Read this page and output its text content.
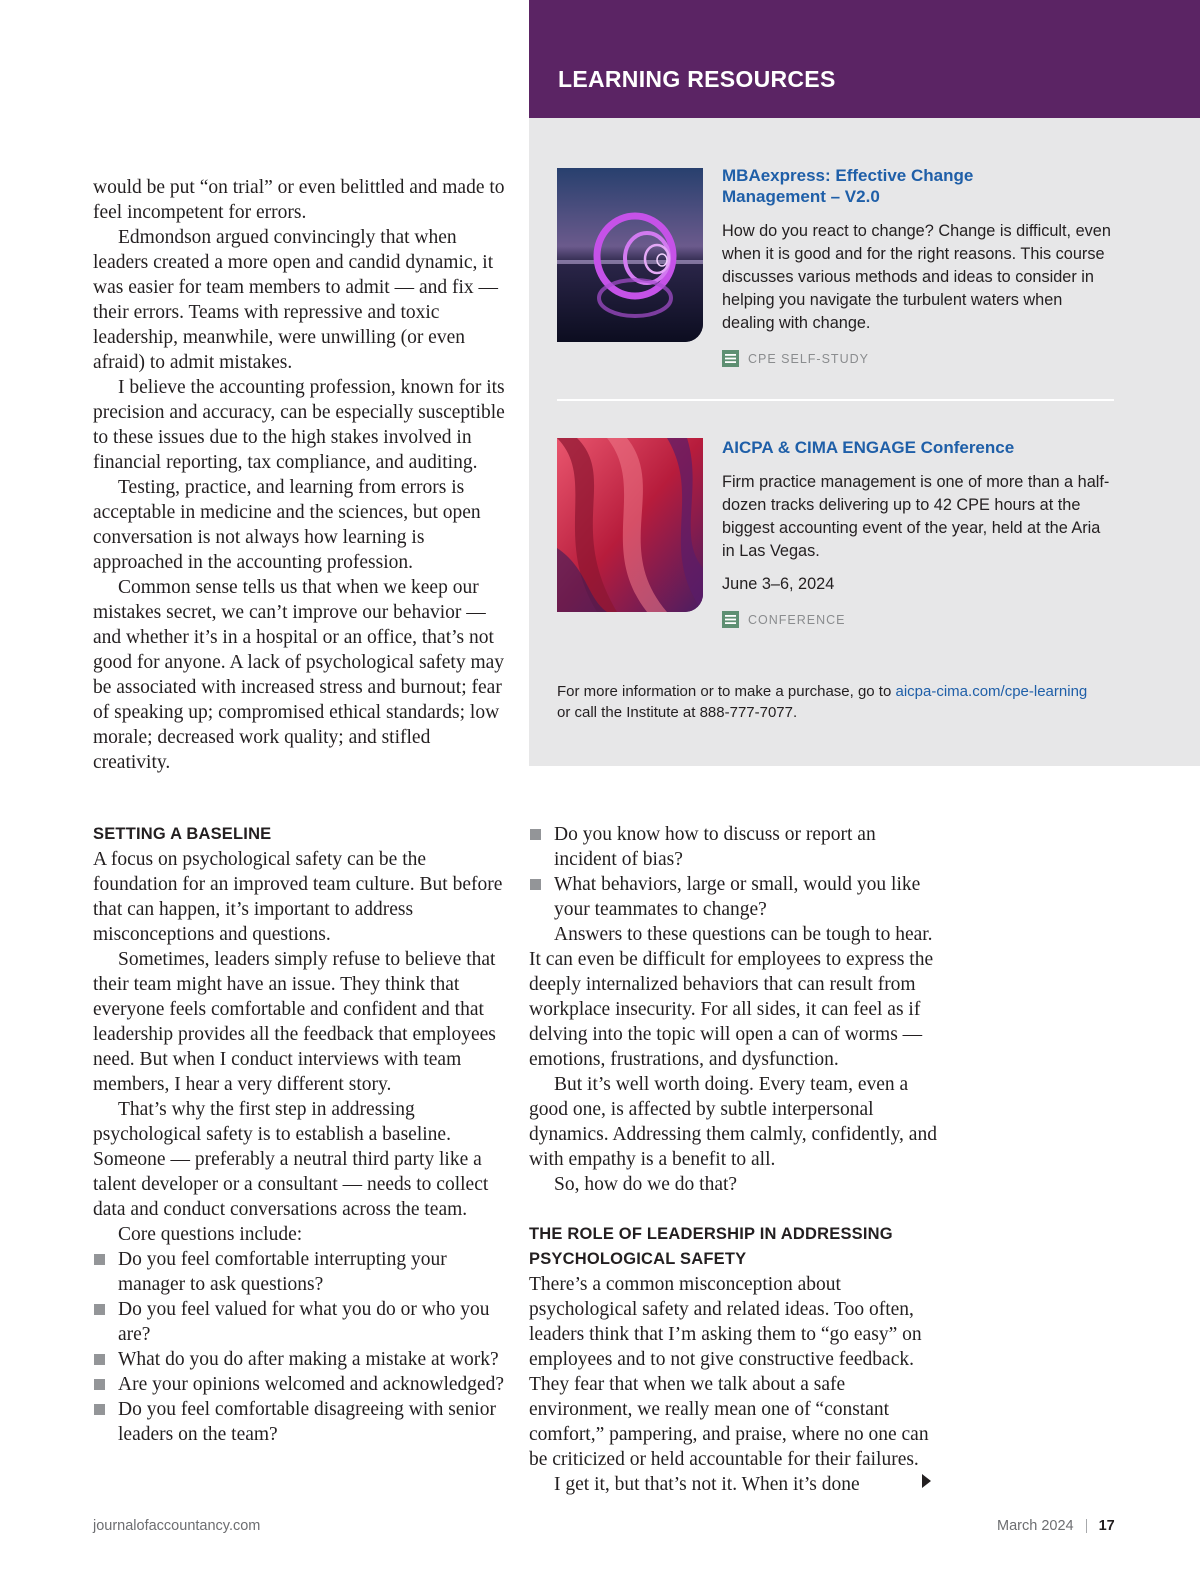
would be put “on trial” or even belittled and made to feel incompetent for errors.

Edmondson argued convincingly that when leaders created a more open and candid dynamic, it was easier for team members to admit — and fix — their errors. Teams with repressive and toxic leadership, meanwhile, were unwilling (or even afraid) to admit mistakes.

I believe the accounting profession, known for its precision and accuracy, can be especially susceptible to these issues due to the high stakes involved in financial reporting, tax compliance, and auditing.

Testing, practice, and learning from errors is acceptable in medicine and the sciences, but open conversation is not always how learning is approached in the accounting profession.

Common sense tells us that when we keep our mistakes secret, we can’t improve our behavior — and whether it’s in a hospital or an office, that’s not good for anyone. A lack of psychological safety may be associated with increased stress and burnout; fear of speaking up; compromised ethical standards; low morale; decreased work quality; and stifled creativity.

SETTING A BASELINE

A focus on psychological safety can be the foundation for an improved team culture. But before that can happen, it’s important to address misconceptions and questions.

Sometimes, leaders simply refuse to believe that their team might have an issue. They think that everyone feels comfortable and confident and that leadership provides all the feedback that employees need. But when I conduct interviews with team members, I hear a very different story.

That’s why the first step in addressing psychological safety is to establish a baseline. Someone — preferably a neutral third party like a talent developer or a consultant — needs to collect data and conduct conversations across the team.

Core questions include:

Do you feel comfortable interrupting your manager to ask questions?
Do you feel valued for what you do or who you are?
What do you do after making a mistake at work?
Are your opinions welcomed and acknowledged?
Do you feel comfortable disagreeing with senior leaders on the team?
Do you know how to discuss or report an incident of bias?
What behaviors, large or small, would you like your teammates to change?

Answers to these questions can be tough to hear. It can even be difficult for employees to express the deeply internalized behaviors that can result from workplace insecurity. For all sides, it can feel as if delving into the topic will open a can of worms — emotions, frustrations, and dysfunction.

But it’s well worth doing. Every team, even a good one, is affected by subtle interpersonal dynamics. Addressing them calmly, confidently, and with empathy is a benefit to all.

So, how do we do that?

THE ROLE OF LEADERSHIP IN ADDRESSING
PSYCHOLOGICAL SAFETY

There’s a common misconception about psychological safety and related ideas. Too often, leaders think that I’m asking them to “go easy” on employees and to not give constructive feedback. They fear that when we talk about a safe environment, we really mean one of “constant comfort,” pampering, and praise, where no one can be criticized or held accountable for their failures.

I get it, but that’s not it. When it’s done

LEARNING RESOURCES
MBAexpress: Effective Change Management – V2.0
How do you react to change? Change is difficult, even when it is good and for the right reasons. This course discusses various methods and ideas to consider in helping you navigate the turbulent waters when dealing with change.
CPE SELF-STUDY
AICPA & CIMA ENGAGE Conference
Firm practice management is one of more than a half-dozen tracks delivering up to 42 CPE hours at the biggest accounting event of the year, held at the Aria in Las Vegas.
June 3–6, 2024
CONFERENCE
For more information or to make a purchase, go to aicpa-cima.com/cpe-learning
or call the Institute at 888-777-7077.
journalofaccountancy.com	March 2024 17
